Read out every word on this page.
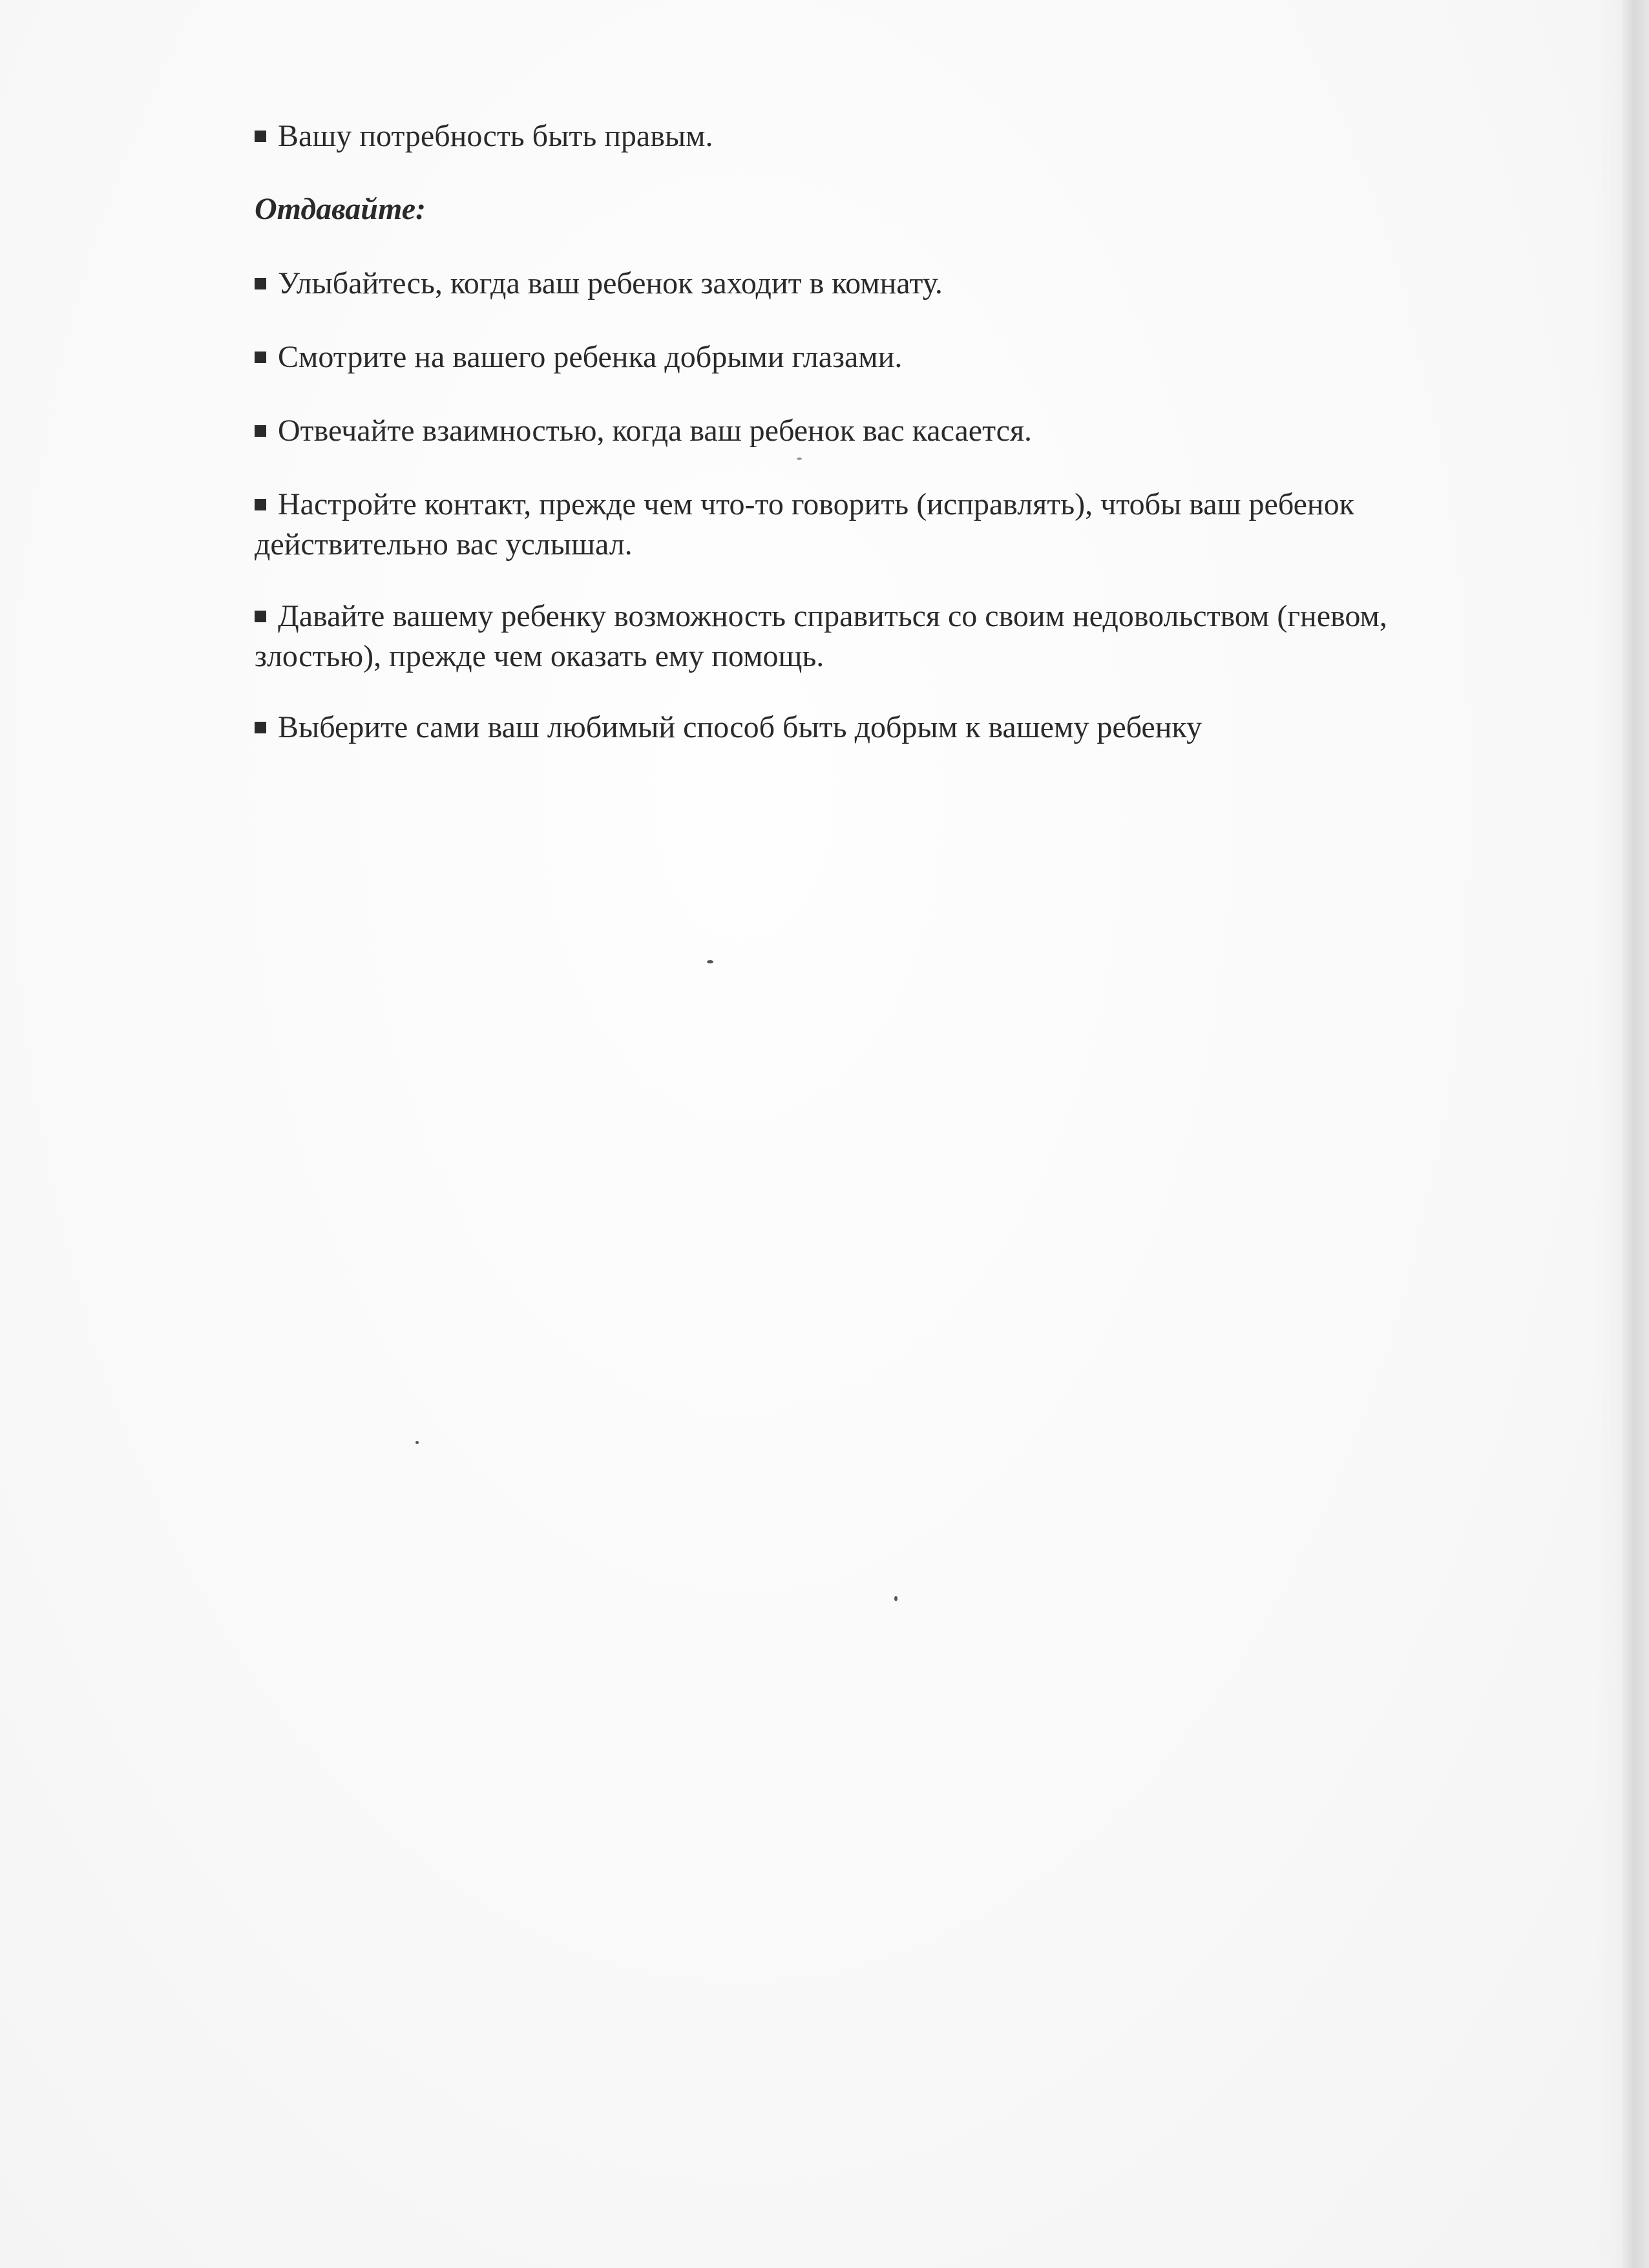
Вашу потребность быть правым.

Отдавайте:

Улыбайтесь, когда ваш ребенок заходит в комнату.

Смотрите на вашего ребенка добрыми глазами.

Отвечайте взаимностью, когда ваш ребенок вас касается.

Настройте контакт, прежде чем что-то говорить (исправлять), чтобы ваш ребенок действительно вас услышал.

Давайте вашему ребенку возможность справиться со своим недовольством (гневом, злостью), прежде чем оказать ему помощь.

Выберите сами ваш любимый способ быть добрым к вашему ребенку
